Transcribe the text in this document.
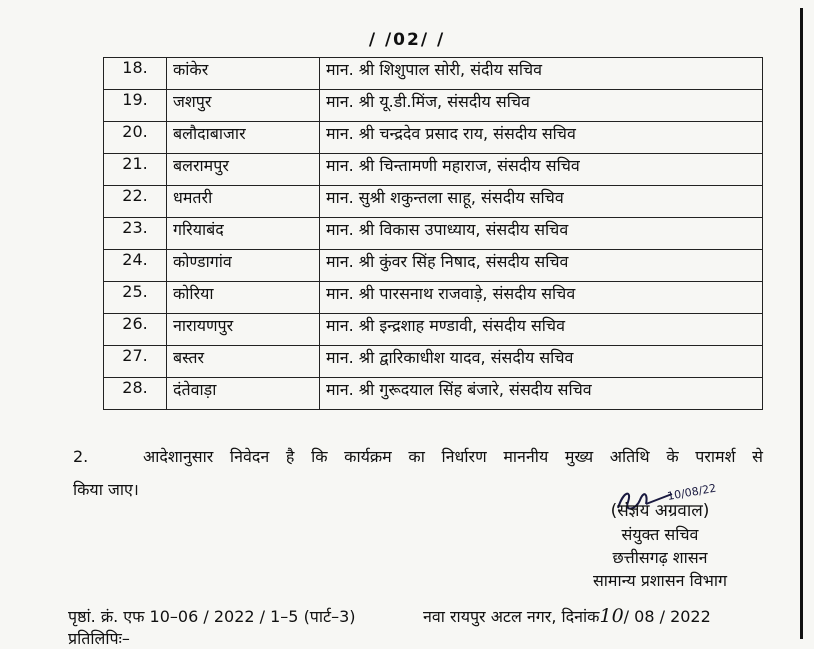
/ /02/ /
18.	कांकेर	मान. श्री शिशुपाल सोरी, संदीय सचिव
19.	जशपुर	मान. श्री यू.डी.मिंज, संसदीय सचिव
20.	बलौदाबाजार	मान. श्री चन्द्रदेव प्रसाद राय, संसदीय सचिव
21.	बलरामपुर	मान. श्री चिन्तामणी महाराज, संसदीय सचिव
22.	धमतरी	मान. सुश्री शकुन्तला साहू, संसदीय सचिव
23.	गरियाबंद	मान. श्री विकास उपाध्याय, संसदीय सचिव
24.	कोण्डागांव	मान. श्री कुंवर सिंह निषाद, संसदीय सचिव
25.	कोरिया	मान. श्री पारसनाथ राजवाड़े, संसदीय सचिव
26.	नारायणपुर	मान. श्री इन्द्रशाह मण्डावी, संसदीय सचिव
27.	बस्तर	मान. श्री द्वारिकाधीश यादव, संसदीय सचिव
28.	दंतेवाड़ा	मान. श्री गुरूदयाल सिंह बंजारे, संसदीय सचिव
2.	आदेशानुसार निवेदन है कि कार्यक्रम का निर्धारण माननीय मुख्य अतिथि के परामर्श से
किया जाए।	10/08/22
(संज्ञय अग्रवाल)
संयुक्त सचिव
छत्तीसगढ़ शासन
सामान्य प्रशासन विभाग
पृष्ठां. क्रं. एफ 10–06 / 2022 / 1–5 (पार्ट–3)	नवा रायपुर अटल नगर, दिनांक10/ 08 / 2022
प्रतिलिपिः–
